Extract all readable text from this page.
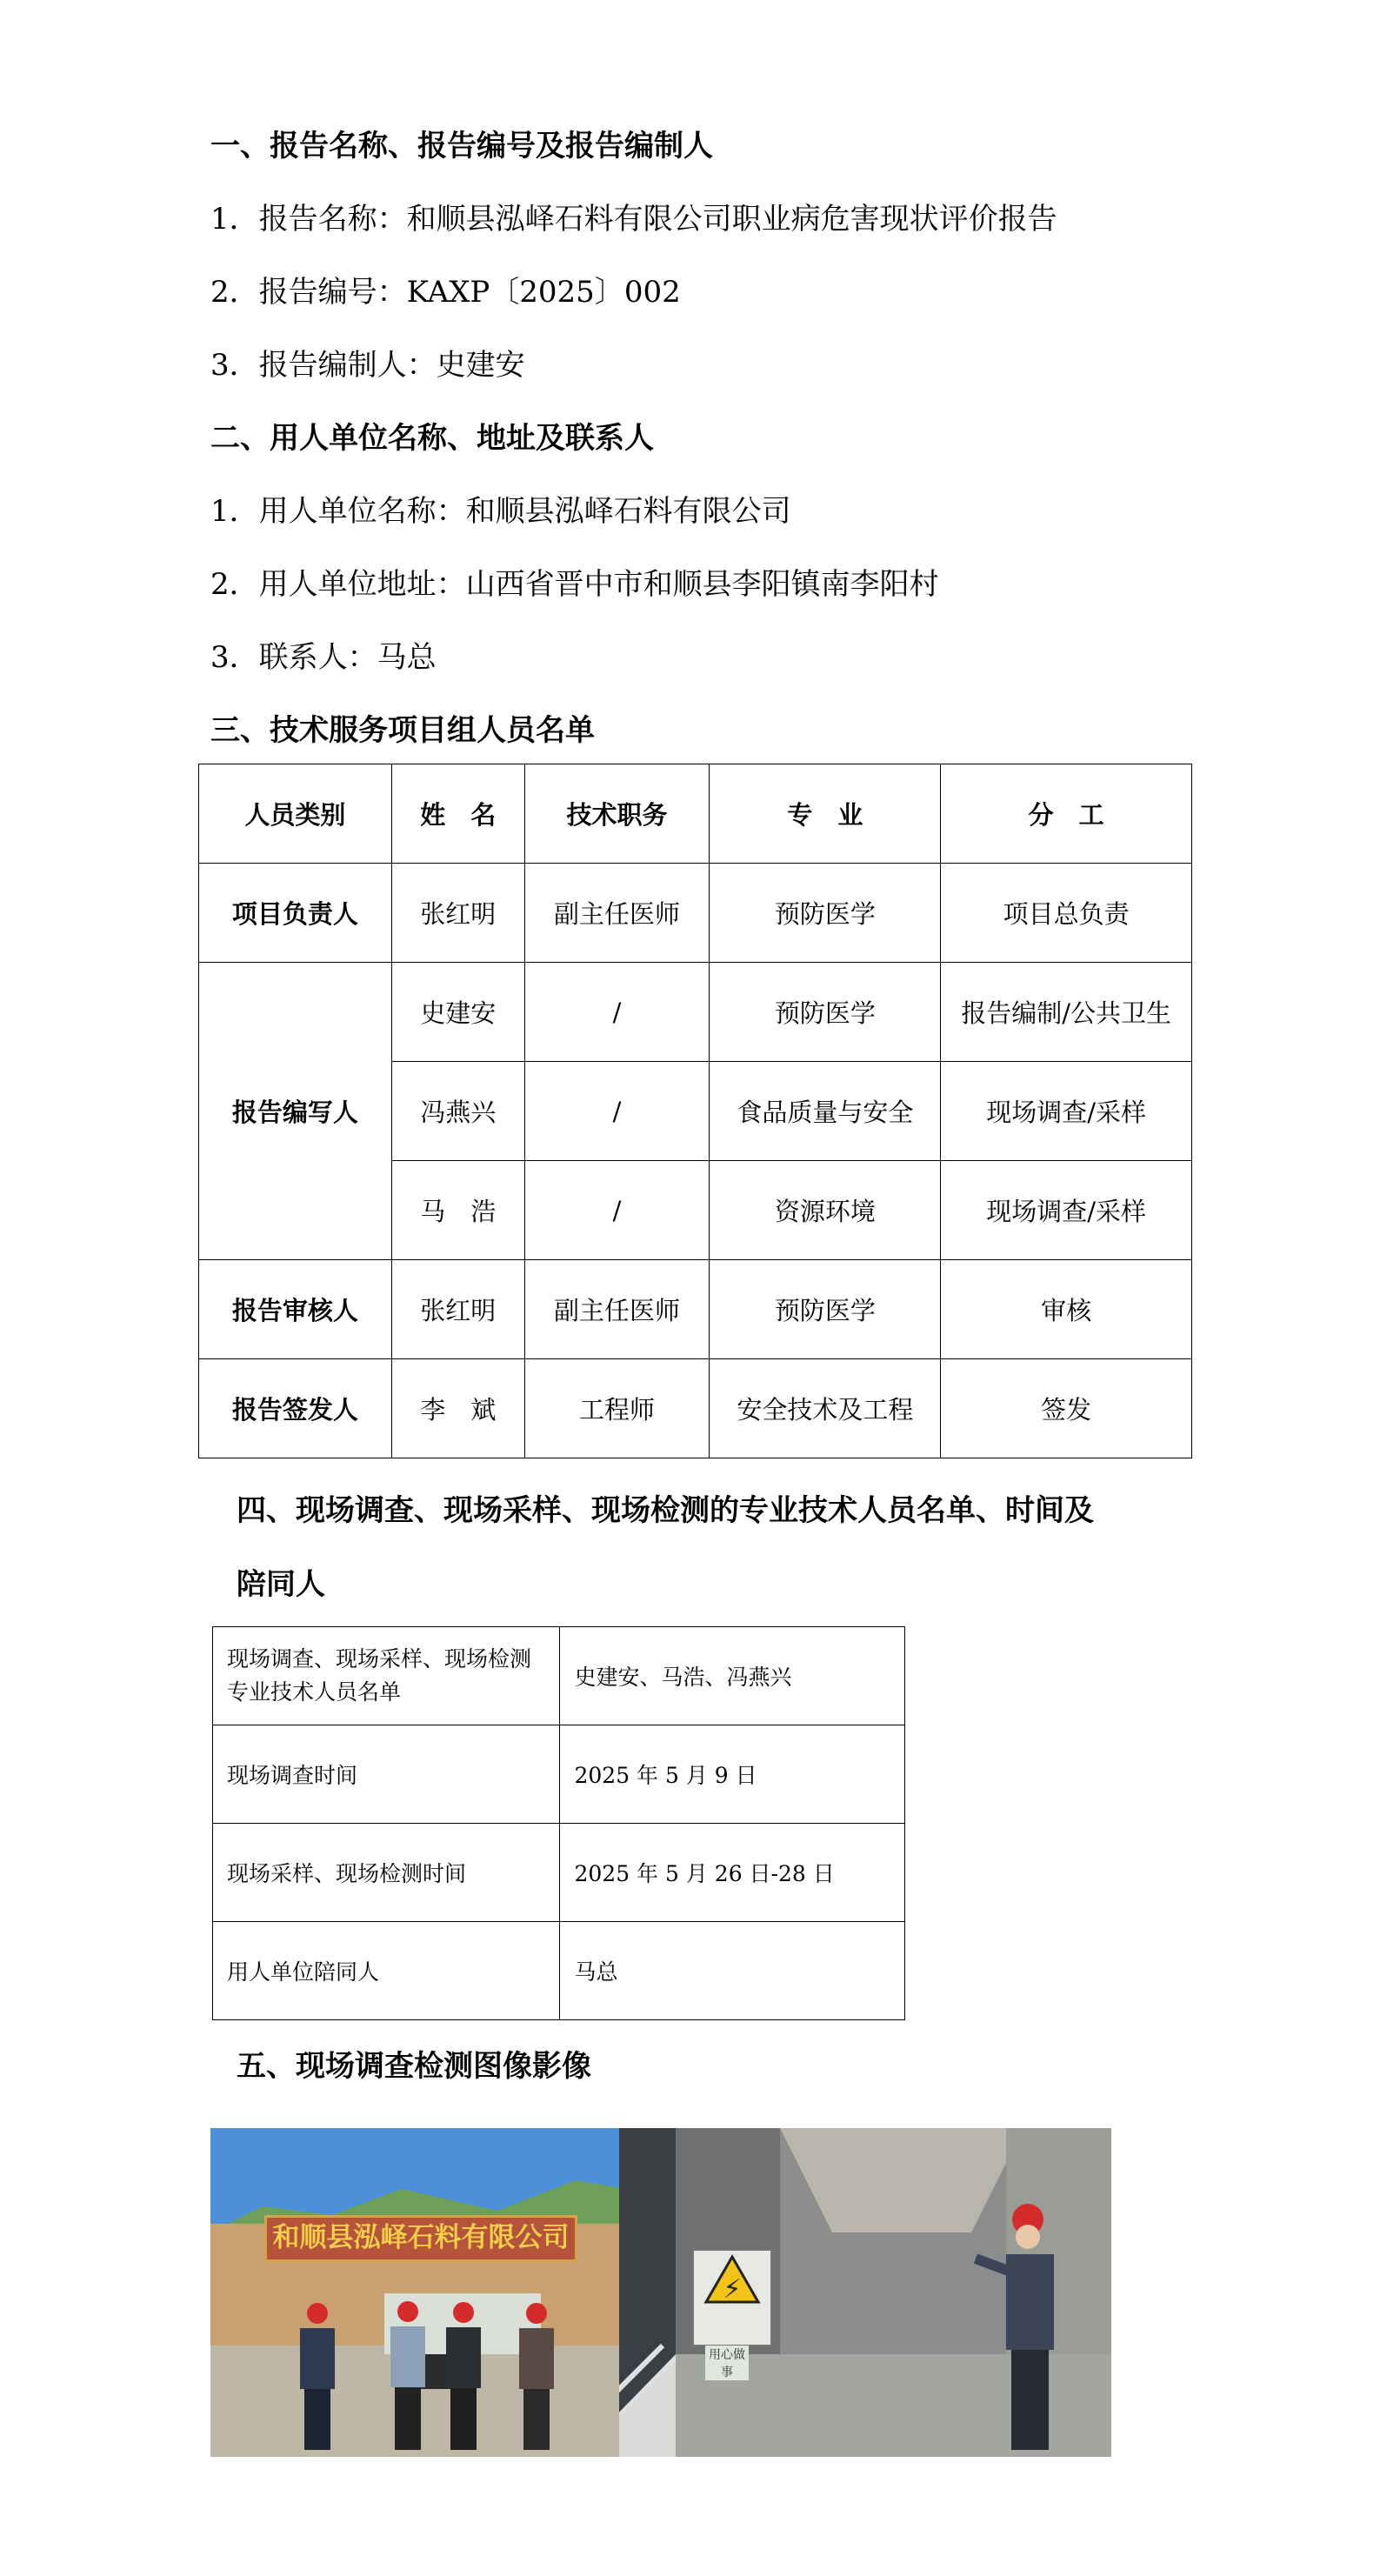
一、报告名称、报告编号及报告编制人
1．报告名称：和顺县泓峄石料有限公司职业病危害现状评价报告
2．报告编号：KAXP〔2025〕002
3．报告编制人：史建安
二、用人单位名称、地址及联系人
1．用人单位名称：和顺县泓峄石料有限公司
2．用人单位地址：山西省晋中市和顺县李阳镇南李阳村
3．联系人：马总
三、技术服务项目组人员名单
人员类别	姓　名	技术职务	专　业	分　工
项目负责人	张红明	副主任医师	预防医学	项目总负责
报告编写人	史建安	/	预防医学	报告编制/公共卫生
	冯燕兴	/	食品质量与安全	现场调查/采样
	马　浩	/	资源环境	现场调查/采样
报告审核人	张红明	副主任医师	预防医学	审核
报告签发人	李　斌	工程师	安全技术及工程	签发
四、现场调查、现场采样、现场检测的专业技术人员名单、时间及
陪同人
现场调查、现场采样、现场检测专业技术人员名单	史建安、马浩、冯燕兴
现场调查时间	2025 年 5 月 9 日
现场采样、现场检测时间	2025 年 5 月 26 日-28 日
用人单位陪同人	马总
五、现场调查检测图像影像
和顺县泓峄石料有限公司
⚡
用心做事
